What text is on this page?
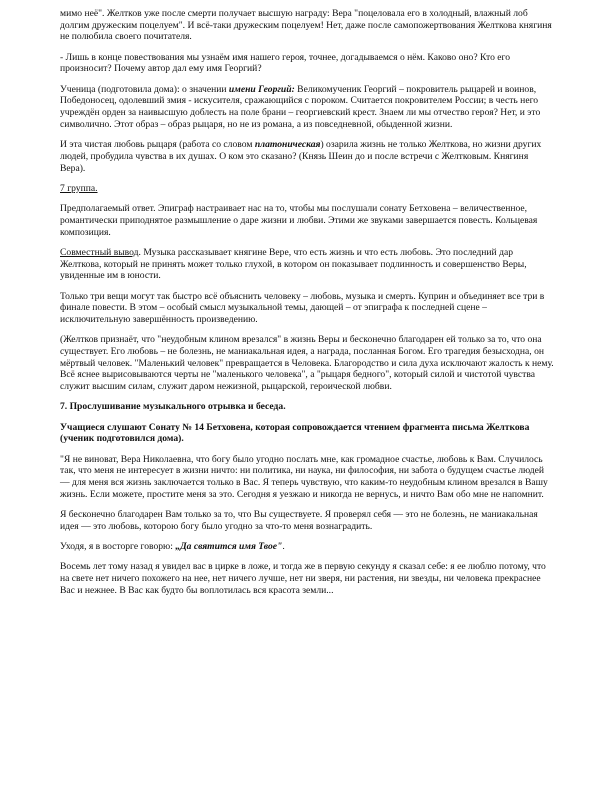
мимо неё". Желтков уже после смерти получает высшую награду: Вера "поцеловала его в холодный, влажный лоб долгим дружеским поцелуем". И всё-таки дружеским поцелуем! Нет, даже после самопожертвования Желткова княгиня не полюбила своего почитателя.

- Лишь в конце повествования мы узнаём имя нашего героя, точнее, догадываемся о нём. Каково оно? Кто его произносит? Почему автор дал ему имя Георгий?

Ученица (подготовила дома): о значении имени Георгий: Великомученик Георгий – покровитель рыцарей и воинов, Победоносец, одолевший змия - искусителя, сражающийся с пороком. Считается покровителем России; в честь него учреждён орден за наивысшую доблесть на поле брани – георгиевский крест. Знаем ли мы отчество героя? Нет, и это символично. Этот образ – образ рыцаря, но не из романа, а из повседневной, обыденной жизни.

И эта чистая любовь рыцаря (работа со словом платоническая) озарила жизнь не только Желткова, но жизни других людей, пробудила чувства в их душах. О ком это сказано? (Князь Шеин до и после встречи с Желтковым. Княгиня Вера).

7 группа.

Предполагаемый ответ. Эпиграф настраивает нас на то, чтобы мы послушали сонату Бетховена – величественное, романтически приподнятое размышление о даре жизни и любви. Этими же звуками завершается повесть. Кольцевая композиция.

Совместный вывод. Музыка рассказывает княгине Вере, что есть жизнь и что есть любовь. Это последний дар Желткова, который не принять может только глухой, в котором он показывает подлинность и совершенство Веры, увиденные им в юности.

Только три вещи могут так быстро всё объяснить человеку – любовь, музыка и смерть. Куприн и объединяет все три в финале повести. В этом – особый смысл музыкальной темы, дающей – от эпиграфа к последней сцене – исключительную завершённость произведению.

(Желтков признаёт, что "неудобным клином врезался" в жизнь Веры и бесконечно благодарен ей только за то, что она существует. Его любовь – не болезнь, не маниакальная идея, а награда, посланная Богом. Его трагедия безысходна, он мёртвый человек. "Маленький человек" превращается в Человека. Благородство и сила духа исключают жалость к нему. Всё яснее вырисовываются черты не "маленького человека", а "рыцаря бедного", который силой и чистотой чувства служит высшим силам, служит даром нежизной, рыцарской, героической любви.

7. Прослушивание музыкального отрывка и беседа.

Учащиеся слушают Сонату № 14 Бетховена, которая сопровождается чтением фрагмента письма Желткова (ученик подготовился дома).

"Я не виноват, Вера Николаевна, что богу было угодно послать мне, как громадное счастье, любовь к Вам. Случилось так, что меня не интересует в жизни ничто: ни политика, ни наука, ни философия, ни забота о будущем счастье людей — для меня вся жизнь заключается только в Вас. Я теперь чувствую, что каким-то неудобным клином врезался в Вашу жизнь. Если можете, простите меня за это. Сегодня я уезжаю и никогда не вернусь, и ничто Вам обо мне не напомнит.

Я бесконечно благодарен Вам только за то, что Вы существуете. Я проверял себя — это не болезнь, не маниакальная идея — это любовь, которою богу было угодно за что-то меня вознаградить.

Уходя, я в восторге говорю: „Да святится имя Твое".

Восемь лет тому назад я увидел вас в цирке в ложе, и тогда же в первую секунду я сказал себе: я ее люблю потому, что на свете нет ничего похожего на нее, нет ничего лучше, нет ни зверя, ни растения, ни звезды, ни человека прекраснее Вас и нежнее. В Вас как будто бы воплотилась вся красота земли...
